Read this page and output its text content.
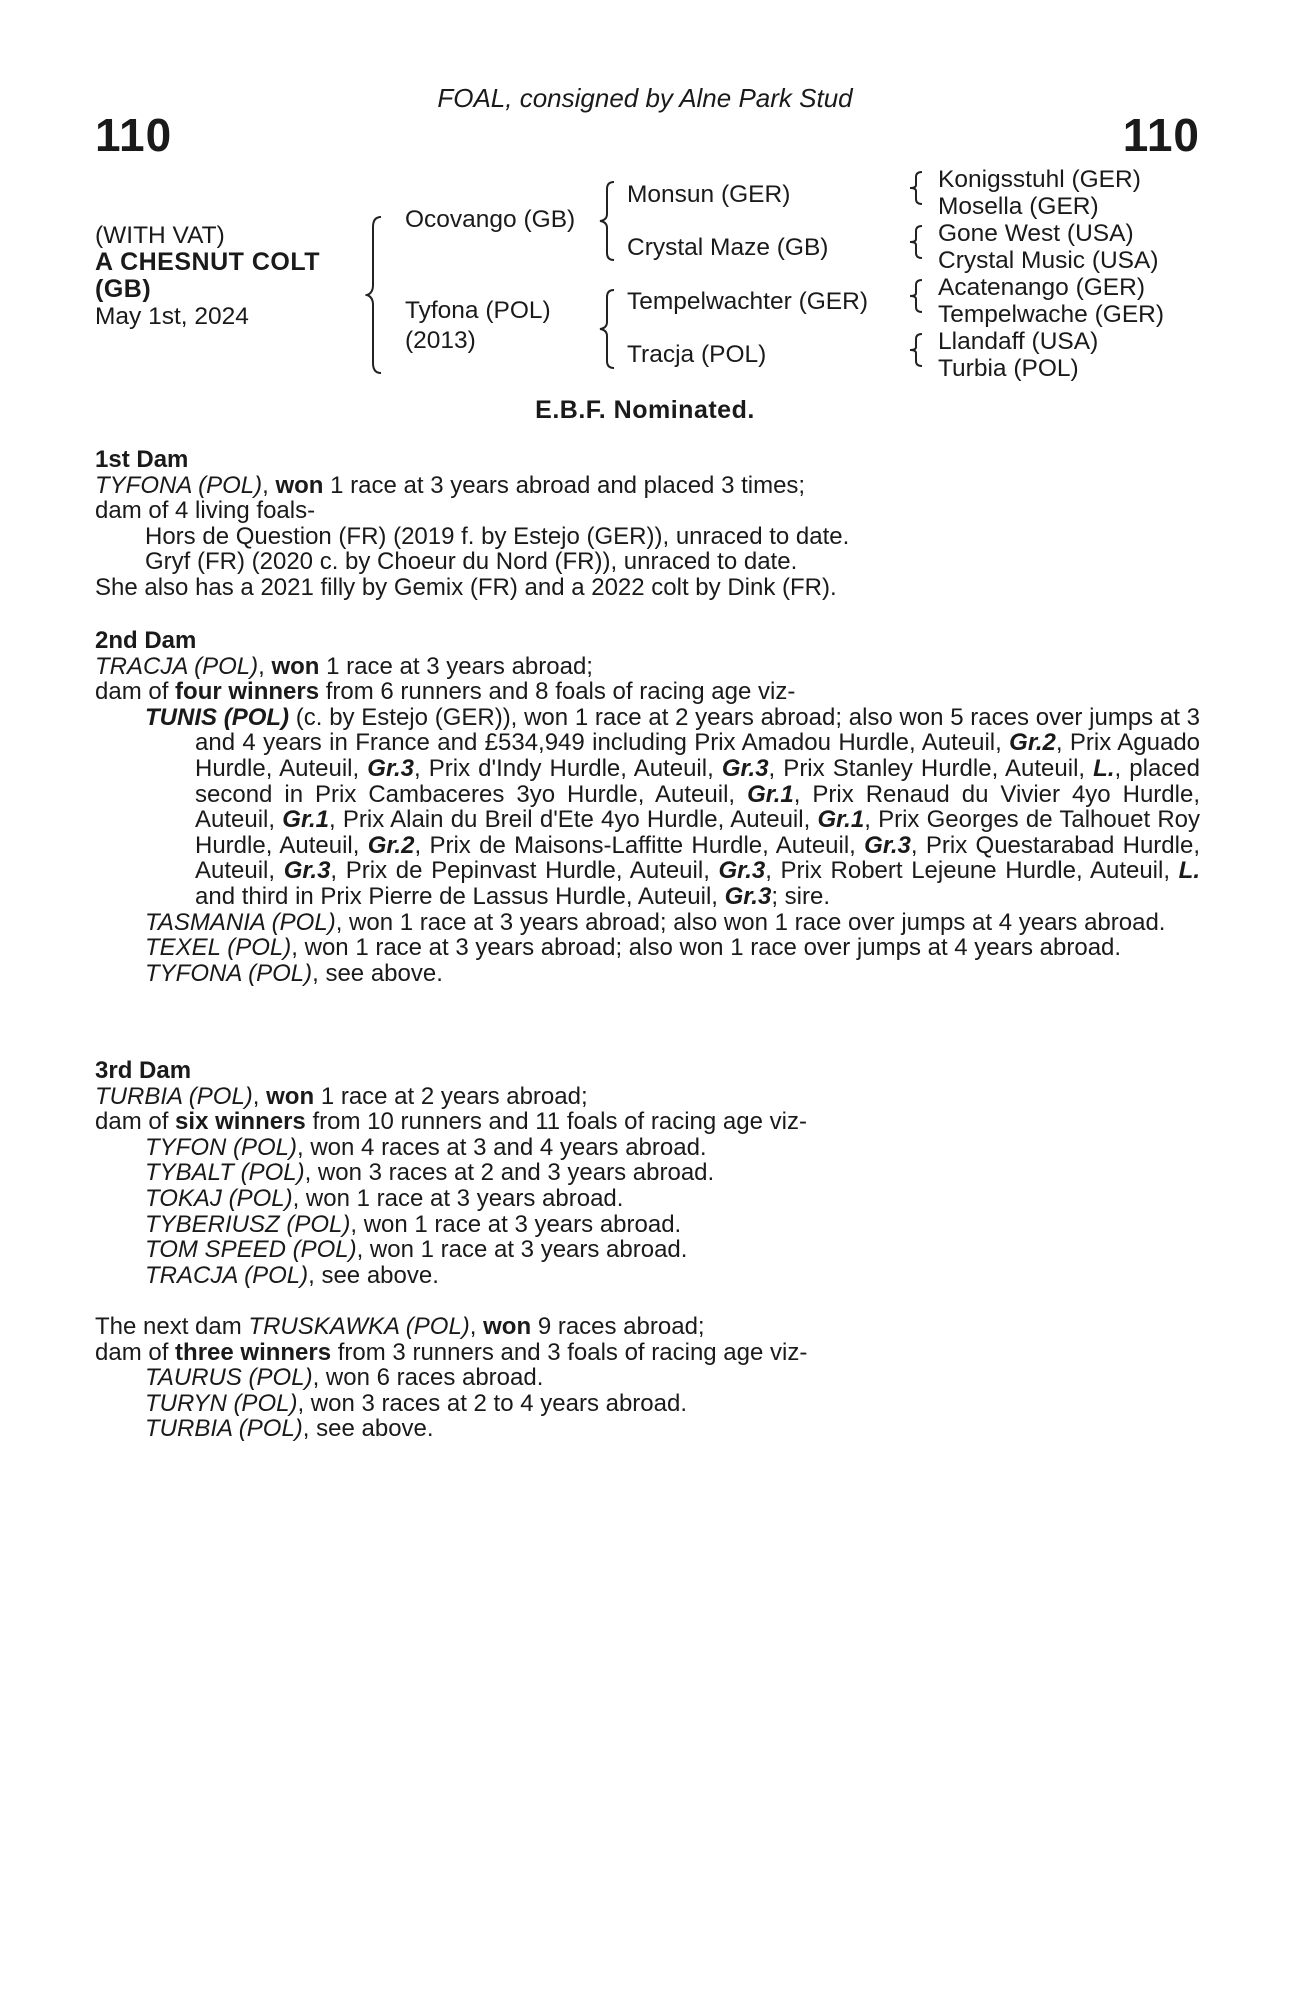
110	110
FOAL, consigned by Alne Park Stud
(WITH VAT)
A CHESNUT COLT
(GB)
May 1st, 2024
Ocovango (GB)
Tyfona (POL)
(2013)
Monsun (GER)
Crystal Maze (GB)
Tempelwachter (GER)
Tracja (POL)
Konigsstuhl (GER)
Mosella (GER)
Gone West (USA)
Crystal Music (USA)
Acatenango (GER)
Tempelwache (GER)
Llandaff (USA)
Turbia (POL)
E.B.F. Nominated.

1st Dam

TYFONA (POL), won 1 race at 3 years abroad and placed 3 times;

dam of 4 living foals-

Hors de Question (FR) (2019 f. by Estejo (GER)), unraced to date.

Gryf (FR) (2020 c. by Choeur du Nord (FR)), unraced to date.

She also has a 2021 filly by Gemix (FR) and a 2022 colt by Dink (FR).

2nd Dam

TRACJA (POL), won 1 race at 3 years abroad;

dam of four winners from 6 runners and 8 foals of racing age viz-

TUNIS (POL) (c. by Estejo (GER)), won 1 race at 2 years abroad; also won 5 races over jumps at 3 and 4 years in France and £534,949 including Prix Amadou Hurdle, Auteuil, Gr.2, Prix Aguado Hurdle, Auteuil, Gr.3, Prix d'Indy Hurdle, Auteuil, Gr.3, Prix Stanley Hurdle, Auteuil, L., placed second in Prix Cambaceres 3yo Hurdle, Auteuil, Gr.1, Prix Renaud du Vivier 4yo Hurdle, Auteuil, Gr.1, Prix Alain du Breil d'Ete 4yo Hurdle, Auteuil, Gr.1, Prix Georges de Talhouet Roy Hurdle, Auteuil, Gr.2, Prix de Maisons-Laffitte Hurdle, Auteuil, Gr.3, Prix Questarabad Hurdle, Auteuil, Gr.3, Prix de Pepinvast Hurdle, Auteuil, Gr.3, Prix Robert Lejeune Hurdle, Auteuil, L. and third in Prix Pierre de Lassus Hurdle, Auteuil, Gr.3; sire.

TASMANIA (POL), won 1 race at 3 years abroad; also won 1 race over jumps at 4 years abroad.

TEXEL (POL), won 1 race at 3 years abroad; also won 1 race over jumps at 4 years abroad.

TYFONA (POL), see above.

3rd Dam

TURBIA (POL), won 1 race at 2 years abroad;

dam of six winners from 10 runners and 11 foals of racing age viz-

TYFON (POL), won 4 races at 3 and 4 years abroad.

TYBALT (POL), won 3 races at 2 and 3 years abroad.

TOKAJ (POL), won 1 race at 3 years abroad.

TYBERIUSZ (POL), won 1 race at 3 years abroad.

TOM SPEED (POL), won 1 race at 3 years abroad.

TRACJA (POL), see above.

The next dam TRUSKAWKA (POL), won 9 races abroad;

dam of three winners from 3 runners and 3 foals of racing age viz-

TAURUS (POL), won 6 races abroad.

TURYN (POL), won 3 races at 2 to 4 years abroad.

TURBIA (POL), see above.
